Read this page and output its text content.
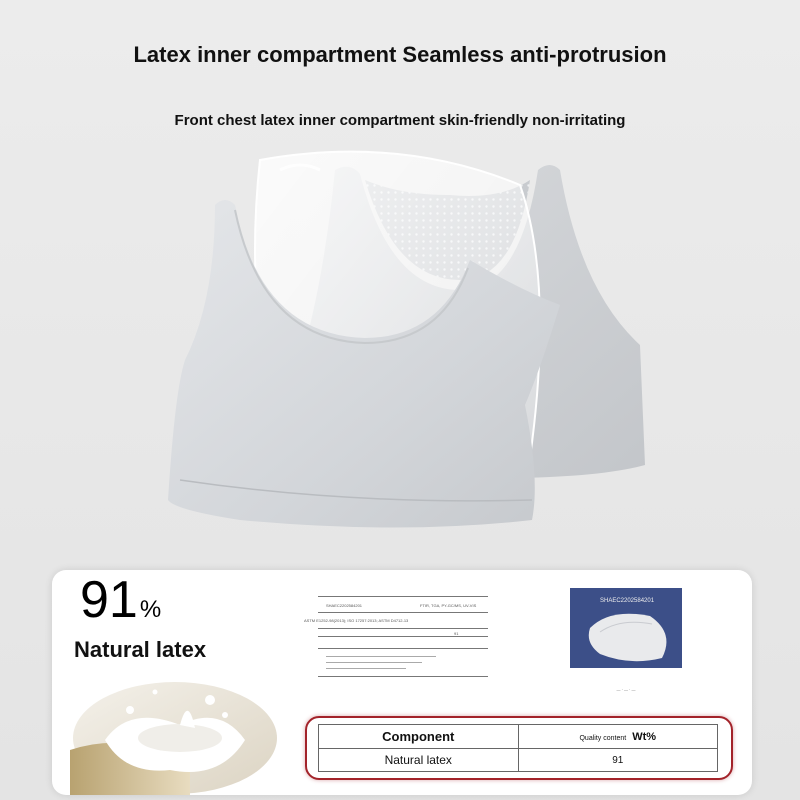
Latex inner compartment Seamless anti-protrusion
Front chest latex inner compartment skin-friendly non-irritating
91%
Natural latex
SHAEC2202584201	FTIR, TGA, PY-GC/MS, UV-VIS
ASTM E1252-98(2013); ISO 17257:2013; ASTM D4712-13
91
SHAEC2202584201
— · — · —
Component	Quality content Wt%
Natural latex	91
